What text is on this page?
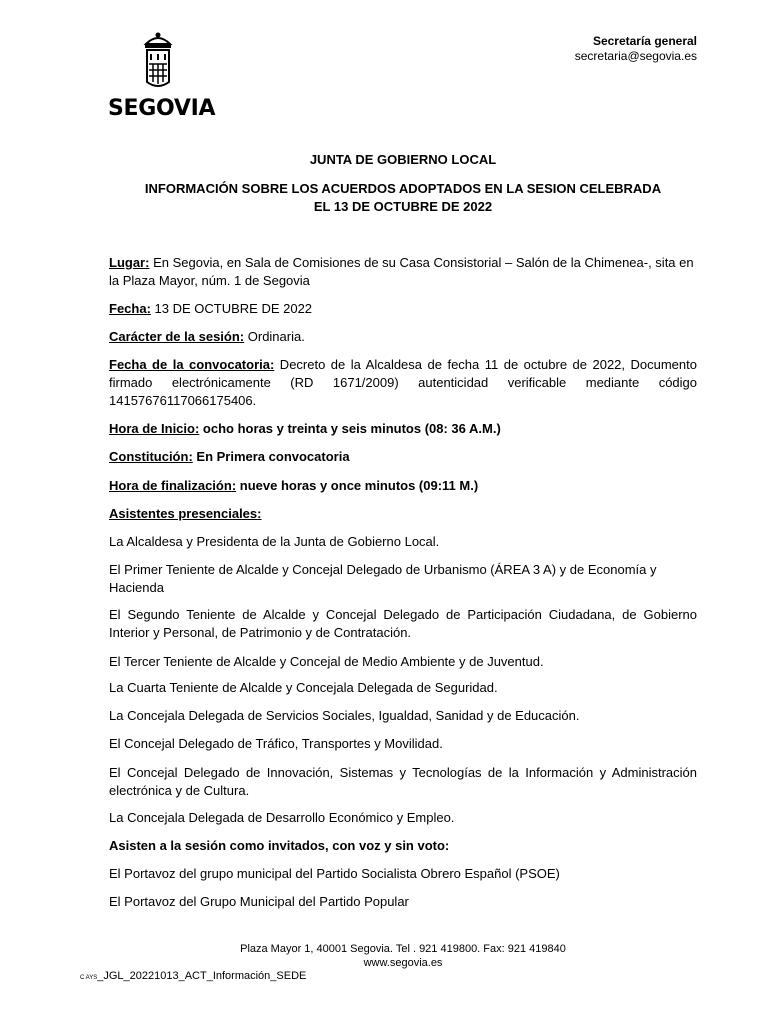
SEGOVIA
Secretaría general
secretaria@segovia.es
JUNTA DE GOBIERNO LOCAL
INFORMACIÓN SOBRE LOS ACUERDOS ADOPTADOS EN LA SESION CELEBRADA
EL 13 DE OCTUBRE DE 2022
Lugar: En Segovia, en Sala de Comisiones de su Casa Consistorial – Salón de la Chimenea-, sita en la Plaza Mayor, núm. 1 de Segovia
Fecha: 13 DE OCTUBRE DE 2022
Carácter de la sesión: Ordinaria.
Fecha de la convocatoria: Decreto de la Alcaldesa de fecha 11 de octubre de 2022, Documento firmado electrónicamente (RD 1671/2009) autenticidad verificable mediante código 14157676117066175406.
Hora de Inicio: ocho horas y treinta y seis minutos (08: 36 A.M.)
Constitución: En Primera convocatoria
Hora de finalización: nueve horas y once minutos (09:11 M.)
Asistentes presenciales:
La Alcaldesa y Presidenta de la Junta de Gobierno Local.
El Primer Teniente de Alcalde y Concejal Delegado de Urbanismo (ÁREA 3 A) y de Economía y Hacienda
El Segundo Teniente de Alcalde y Concejal Delegado de Participación Ciudadana, de Gobierno Interior y Personal, de Patrimonio y de Contratación.
El Tercer Teniente de Alcalde y Concejal de Medio Ambiente y de Juventud.
La Cuarta Teniente de Alcalde y Concejala Delegada de Seguridad.
La Concejala Delegada de Servicios Sociales, Igualdad, Sanidad y de Educación.
El Concejal Delegado de Tráfico, Transportes y Movilidad.
El Concejal Delegado de Innovación, Sistemas y Tecnologías de la Información y Administración electrónica y de Cultura.
La Concejala Delegada de Desarrollo Económico y Empleo.
Asisten a la sesión como invitados, con voz y sin voto:
El Portavoz del grupo municipal del Partido Socialista Obrero Español (PSOE)
El Portavoz del Grupo Municipal del Partido Popular
Plaza Mayor 1, 40001 Segovia. Tel . 921 419800. Fax: 921 419840
www.segovia.es
C AYS_JGL_20221013_ACT_Información_SEDE
